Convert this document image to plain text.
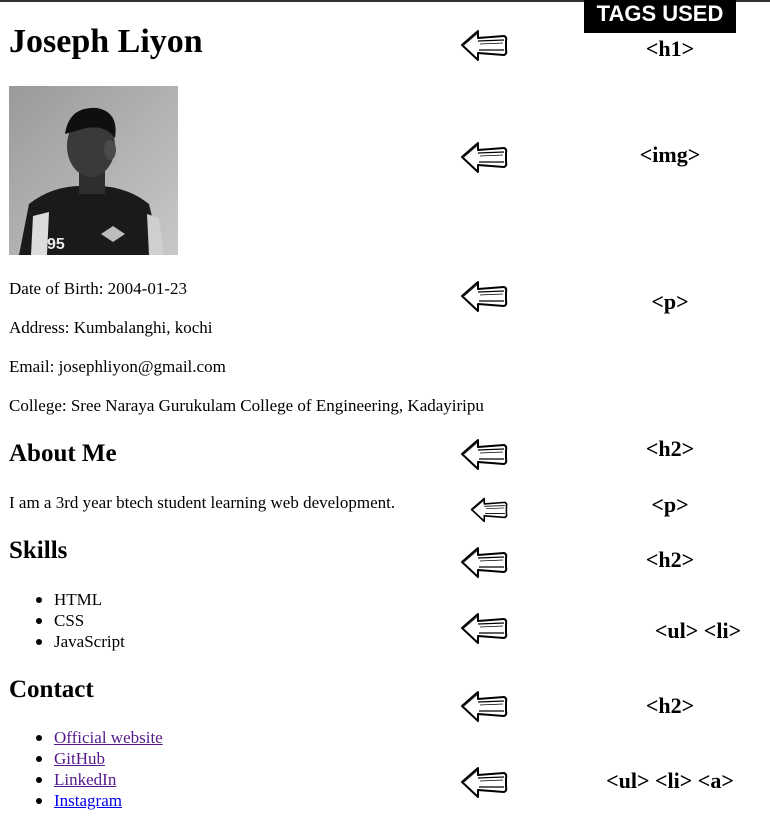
Joseph Liyon
95
Date of Birth: 2004-01-23
Address: Kumbalanghi, kochi
Email: josephliyon@gmail.com
College: Sree Naraya Gurukulam College of Engineering, Kadayiripu
About Me
I am a 3rd year btech student learning web development.
Skills
HTML
CSS
JavaScript
Contact
Official website
GitHub
LinkedIn
Instagram
TAGS USED
<h1>
<img>
<p>
<h2>
<p>
<h2>
<ul> <li>
<h2>
<ul> <li> <a>
